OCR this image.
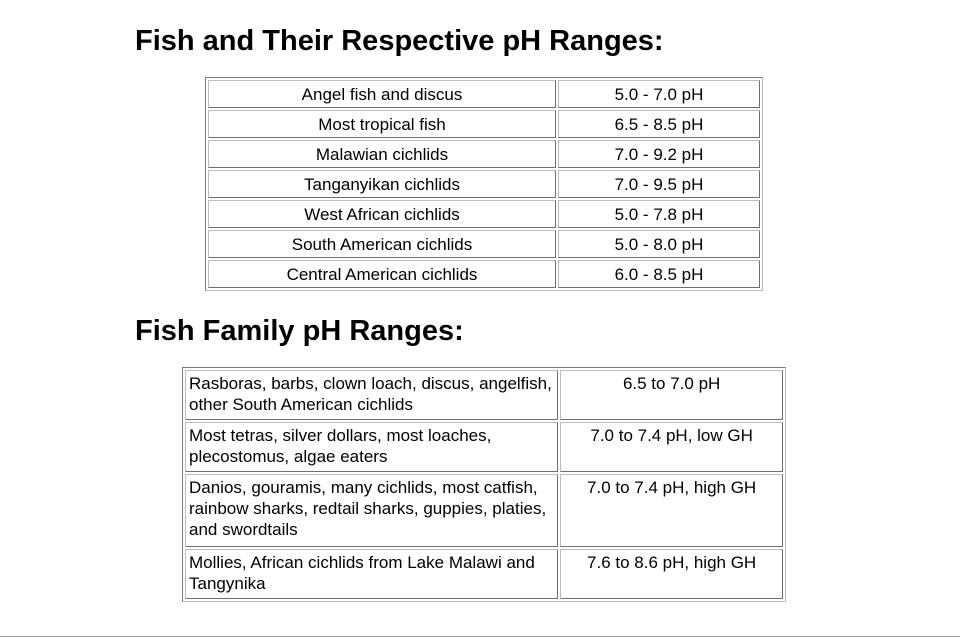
Fish and Their Respective pH Ranges:
Angel fish and discus	5.0 - 7.0 pH
Most tropical fish	6.5 - 8.5 pH
Malawian cichlids	7.0 - 9.2 pH
Tanganyikan cichlids	7.0 - 9.5 pH
West African cichlids	5.0 - 7.8 pH
South American cichlids	5.0 - 8.0 pH
Central American cichlids	6.0 - 8.5 pH
Fish Family pH Ranges:
Rasboras, barbs, clown loach, discus, angelfish, other South American cichlids	6.5 to 7.0 pH
Most tetras, silver dollars, most loaches, plecostomus, algae eaters	7.0 to 7.4 pH, low GH
Danios, gouramis, many cichlids, most catfish, rainbow sharks, redtail sharks, guppies, platies, and swordtails	7.0 to 7.4 pH, high GH
Mollies, African cichlids from Lake Malawi and Tangynika	7.6 to 8.6 pH, high GH
